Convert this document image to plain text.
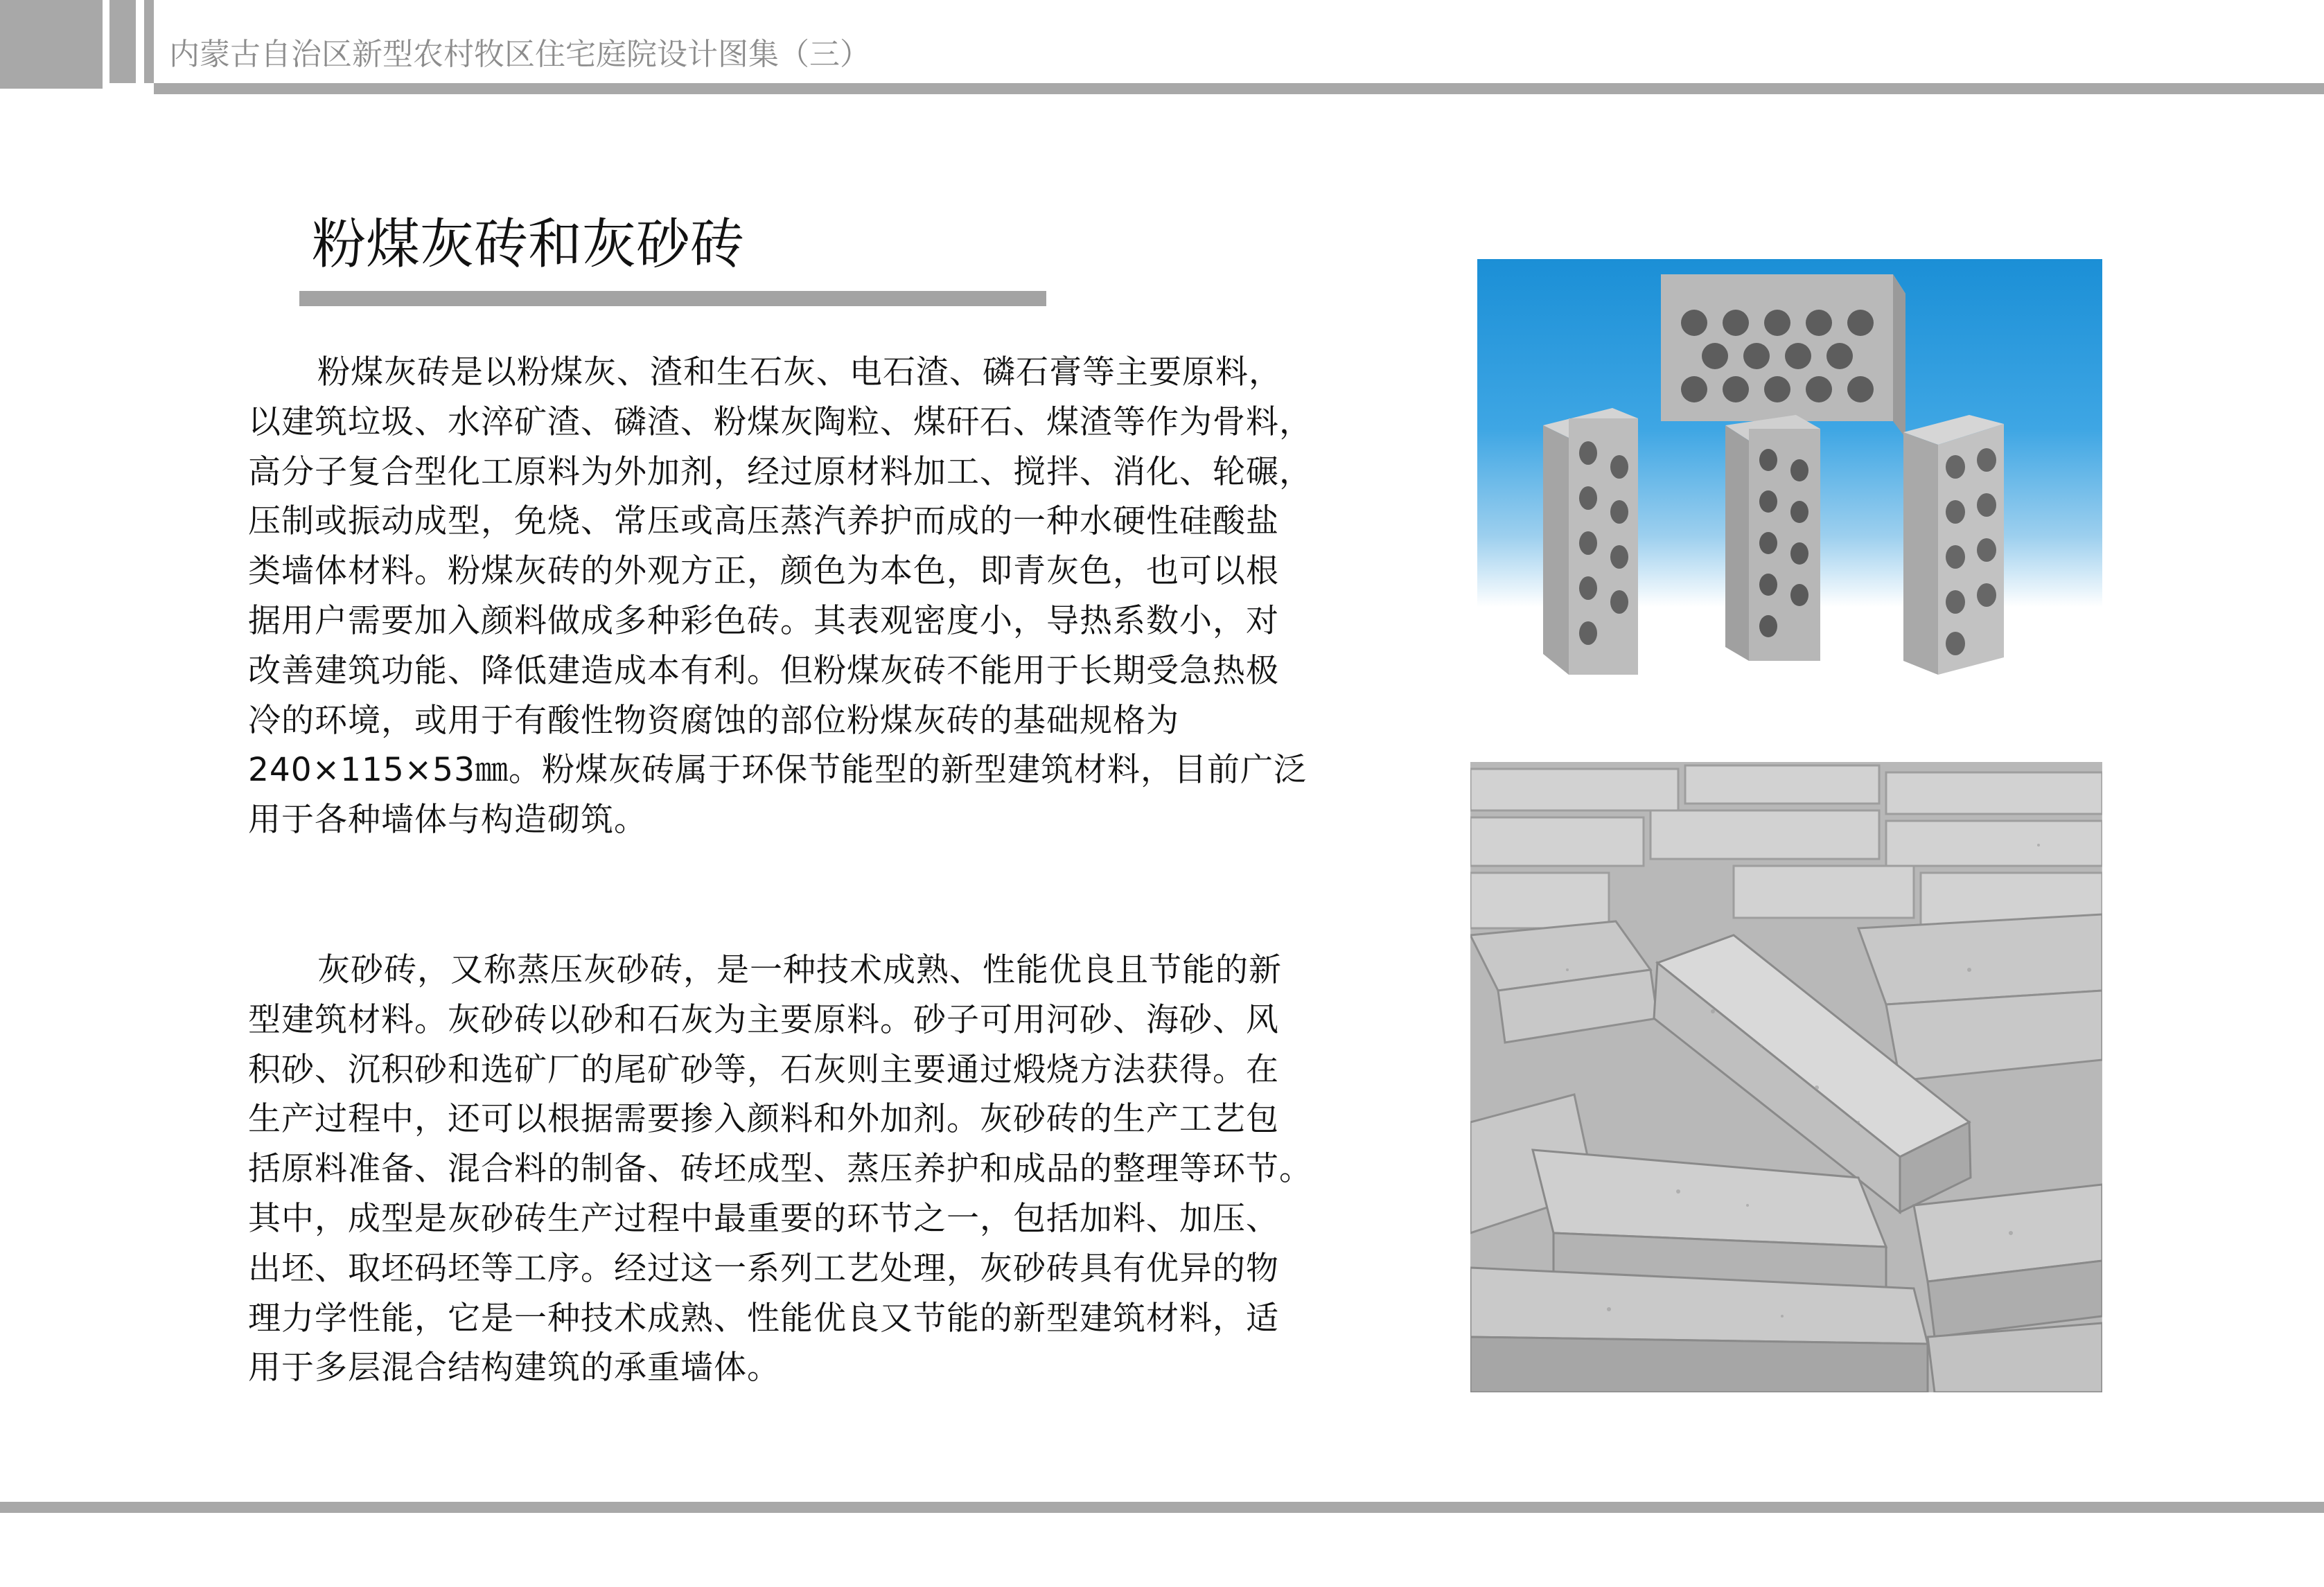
内蒙古自治区新型农村牧区住宅庭院设计图集（三）
粉煤灰砖和灰砂砖
粉煤灰砖是以粉煤灰、渣和生石灰、电石渣、磷石膏等主要原料，
以建筑垃圾、水淬矿渣、磷渣、粉煤灰陶粒、煤矸石、煤渣等作为骨料，
高分子复合型化工原料为外加剂，经过原材料加工、搅拌、消化、轮碾，
压制或振动成型，免烧、常压或高压蒸汽养护而成的一种水硬性硅酸盐
类墙体材料。粉煤灰砖的外观方正，颜色为本色，即青灰色，也可以根
据用户需要加入颜料做成多种彩色砖。其表观密度小，导热系数小，对
改善建筑功能、降低建造成本有利。但粉煤灰砖不能用于长期受急热极
冷的环境，或用于有酸性物资腐蚀的部位粉煤灰砖的基础规格为
240×115×53㎜。粉煤灰砖属于环保节能型的新型建筑材料，目前广泛
用于各种墙体与构造砌筑。
灰砂砖，又称蒸压灰砂砖，是一种技术成熟、性能优良且节能的新
型建筑材料。灰砂砖以砂和石灰为主要原料。砂子可用河砂、海砂、风
积砂、沉积砂和选矿厂的尾矿砂等，石灰则主要通过煅烧方法获得。在
生产过程中，还可以根据需要掺入颜料和外加剂。灰砂砖的生产工艺包
括原料准备、混合料的制备、砖坯成型、蒸压养护和成品的整理等环节。
其中，成型是灰砂砖生产过程中最重要的环节之一，包括加料、加压、
出坯、取坯码坯等工序。经过这一系列工艺处理，灰砂砖具有优异的物
理力学性能，它是一种技术成熟、性能优良又节能的新型建筑材料，适
用于多层混合结构建筑的承重墙体。
